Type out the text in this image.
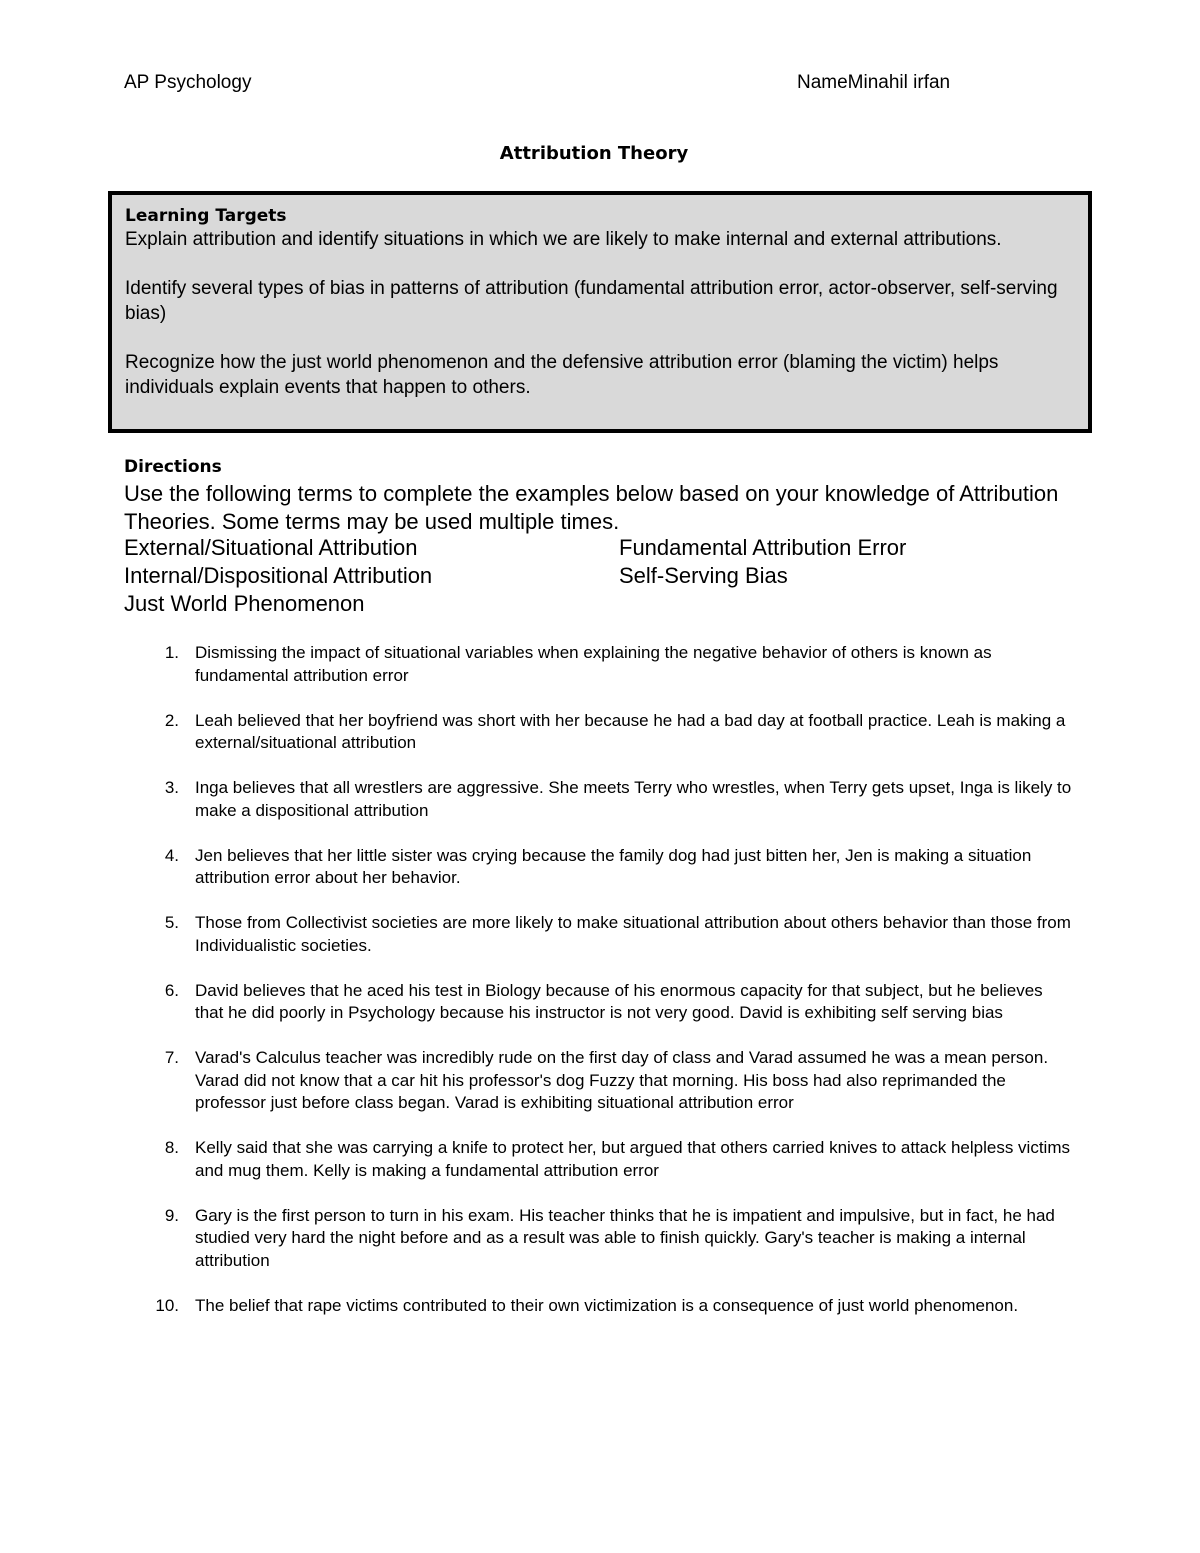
AP Psychology	NameMinahil irfan
Attribution Theory
Learning Targets

Explain attribution and identify situations in which we are likely to make internal and external attributions.

Identify several types of bias in patterns of attribution (fundamental attribution error, actor-observer, self-serving bias)

Recognize how the just world phenomenon and the defensive attribution error (blaming the victim) helps individuals explain events that happen to others.

Directions
Use the following terms to complete the examples below based on your knowledge of Attribution Theories. Some terms may be used multiple times.
External/Situational Attribution	Fundamental Attribution Error
Internal/Dispositional Attribution	Self-Serving Bias
Just World Phenomenon
1. Dismissing the impact of situational variables when explaining the negative behavior of others is known as fundamental attribution error
2. Leah believed that her boyfriend was short with her because he had a bad day at football practice. Leah is making a external/situational attribution
3. Inga believes that all wrestlers are aggressive. She meets Terry who wrestles, when Terry gets upset, Inga is likely to make a dispositional attribution
4. Jen believes that her little sister was crying because the family dog had just bitten her, Jen is making a situation attribution error about her behavior.
5. Those from Collectivist societies are more likely to make situational attribution about others behavior than those from Individualistic societies.
6. David believes that he aced his test in Biology because of his enormous capacity for that subject, but he believes that he did poorly in Psychology because his instructor is not very good. David is exhibiting self serving bias
7. Varad's Calculus teacher was incredibly rude on the first day of class and Varad assumed he was a mean person. Varad did not know that a car hit his professor's dog Fuzzy that morning. His boss had also reprimanded the professor just before class began. Varad is exhibiting situational attribution error
8. Kelly said that she was carrying a knife to protect her, but argued that others carried knives to attack helpless victims and mug them. Kelly is making a fundamental attribution error
9. Gary is the first person to turn in his exam. His teacher thinks that he is impatient and impulsive, but in fact, he had studied very hard the night before and as a result was able to finish quickly. Gary's teacher is making a internal attribution
10. The belief that rape victims contributed to their own victimization is a consequence of just world phenomenon.
